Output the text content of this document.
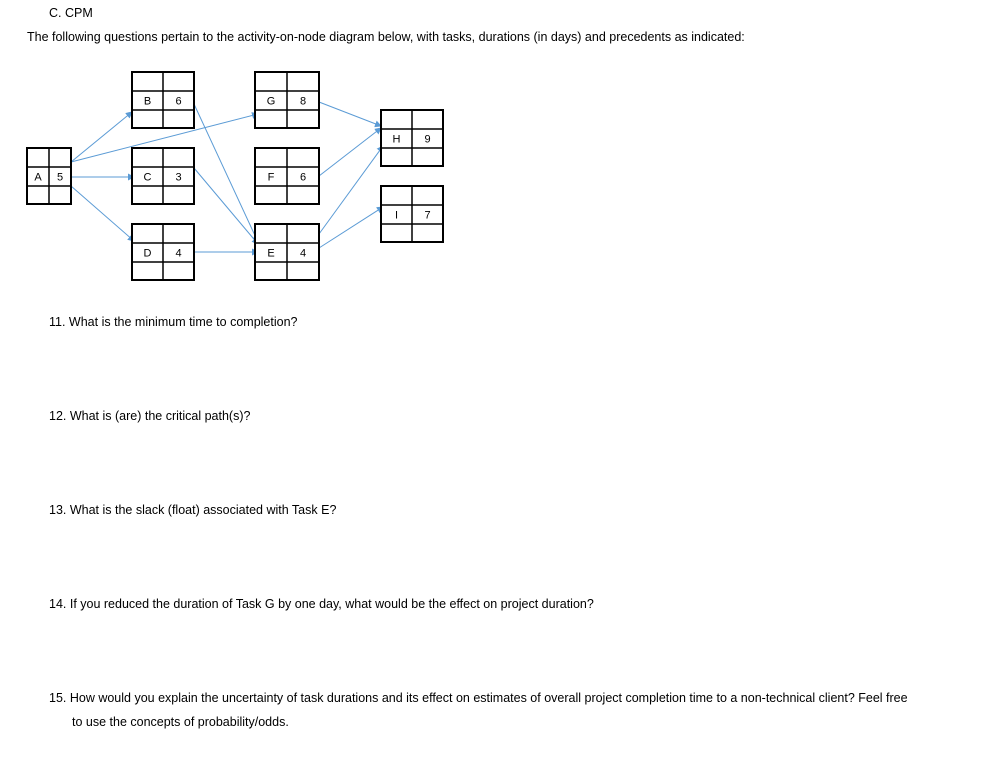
C. CPM
The following questions pertain to the activity-on-node diagram below, with tasks, durations (in days) and precedents as indicated:
A 5
B 6
C 3
D 4
G 8
F 6
E 4
H 9
I 7
11. What is the minimum time to completion?
12. What is (are) the critical path(s)?
13. What is the slack (float) associated with Task E?
14. If you reduced the duration of Task G by one day, what would be the effect on project duration?
15. How would you explain the uncertainty of task durations and its effect on estimates of overall project completion time to a non-technical client? Feel free
to use the concepts of probability/odds.
